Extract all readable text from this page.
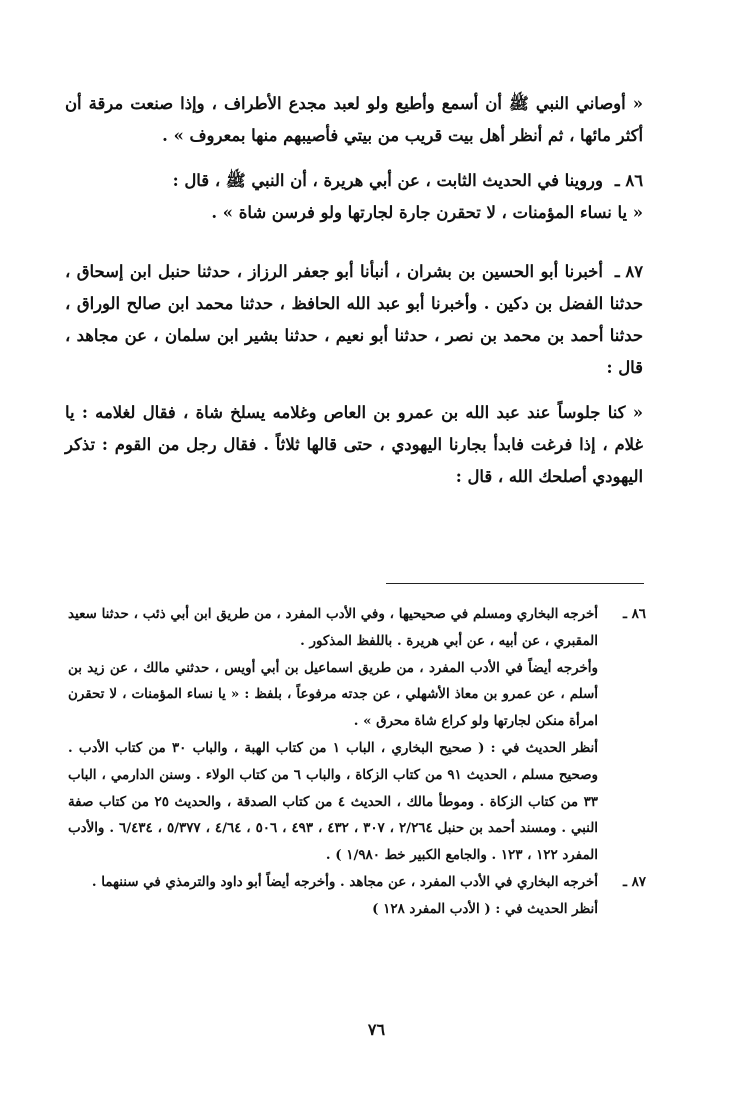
« أوصاني النبي ﷺ أن أسمع وأطيع ولو لعبد مجدع الأطراف ، وإذا صنعت مرقة أن أكثر مائها ، ثم أنظر أهل بيت قريب من بيتي فأصيبهم منها بمعروف » .

٨٦ ـوروينا في الحديث الثابت ، عن أبي هريرة ، أن النبي ﷺ ، قال :

« يا نساء المؤمنات ، لا تحقرن جارة لجارتها ولو فرسن شاة » .

٨٧ ـأخبرنا أبو الحسين بن بشران ، أنبأنا أبو جعفر الرزاز ، حدثنا حنبل ابن إسحاق ، حدثنا الفضل بن دكين . وأخبرنا أبو عبد الله الحافظ ، حدثنا محمد ابن صالح الوراق ، حدثنا أحمد بن محمد بن نصر ، حدثنا أبو نعيم ، حدثنا بشير ابن سلمان ، عن مجاهد ، قال :

« كنا جلوساً عند عبد الله بن عمرو بن العاص وغلامه يسلخ شاة ، فقال لغلامه : يا غلام ، إذا فرغت فابدأ بجارنا اليهودي ، حتى قالها ثلاثاً . فقال رجل من القوم : تذكر اليهودي أصلحك الله ، قال :

٨٦ ـ

أخرجه البخاري ومسلم في صحيحيها ، وفي الأدب المفرد ، من طريق ابن أبي ذئب ، حدثنا سعيد المقبري ، عن أبيه ، عن أبي هريرة . باللفظ المذكور .

وأخرجه أيضاً في الأدب المفرد ، من طريق اسماعيل بن أبي أويس ، حدثني مالك ، عن زيد بن أسلم ، عن عمرو بن معاذ الأشهلي ، عن جدته مرفوعاً ، بلفظ : « يا نساء المؤمنات ، لا تحقرن امرأة منكن لجارتها ولو كراع شاة محرق » .

أنظر الحديث في : ( صحيح البخاري ، الباب ١ من كتاب الهبة ، والباب ٣٠ من كتاب الأدب . وصحيح مسلم ، الحديث ٩١ من كتاب الزكاة ، والباب ٦ من كتاب الولاء . وسنن الدارمي ، الباب ٣٣ من كتاب الزكاة . وموطأ مالك ، الحديث ٤ من كتاب الصدقة ، والحديث ٢٥ من كتاب صفة النبي . ومسند أحمد بن حنبل ٢/٢٦٤ ، ٣٠٧ ، ٤٣٢ ، ٤٩٣ ، ٥٠٦ ، ٤/٦٤ ، ٥/٣٧٧ ، ٦/٤٣٤ . والأدب المفرد ١٢٢ ، ١٢٣ . والجامع الكبير خط ١/٩٨٠ ) .

٨٧ ـ

أخرجه البخاري في الأدب المفرد ، عن مجاهد . وأخرجه أيضاً أبو داود والترمذي في سننهما .

أنظر الحديث في : ( الأدب المفرد ١٢٨ )

٧٦
